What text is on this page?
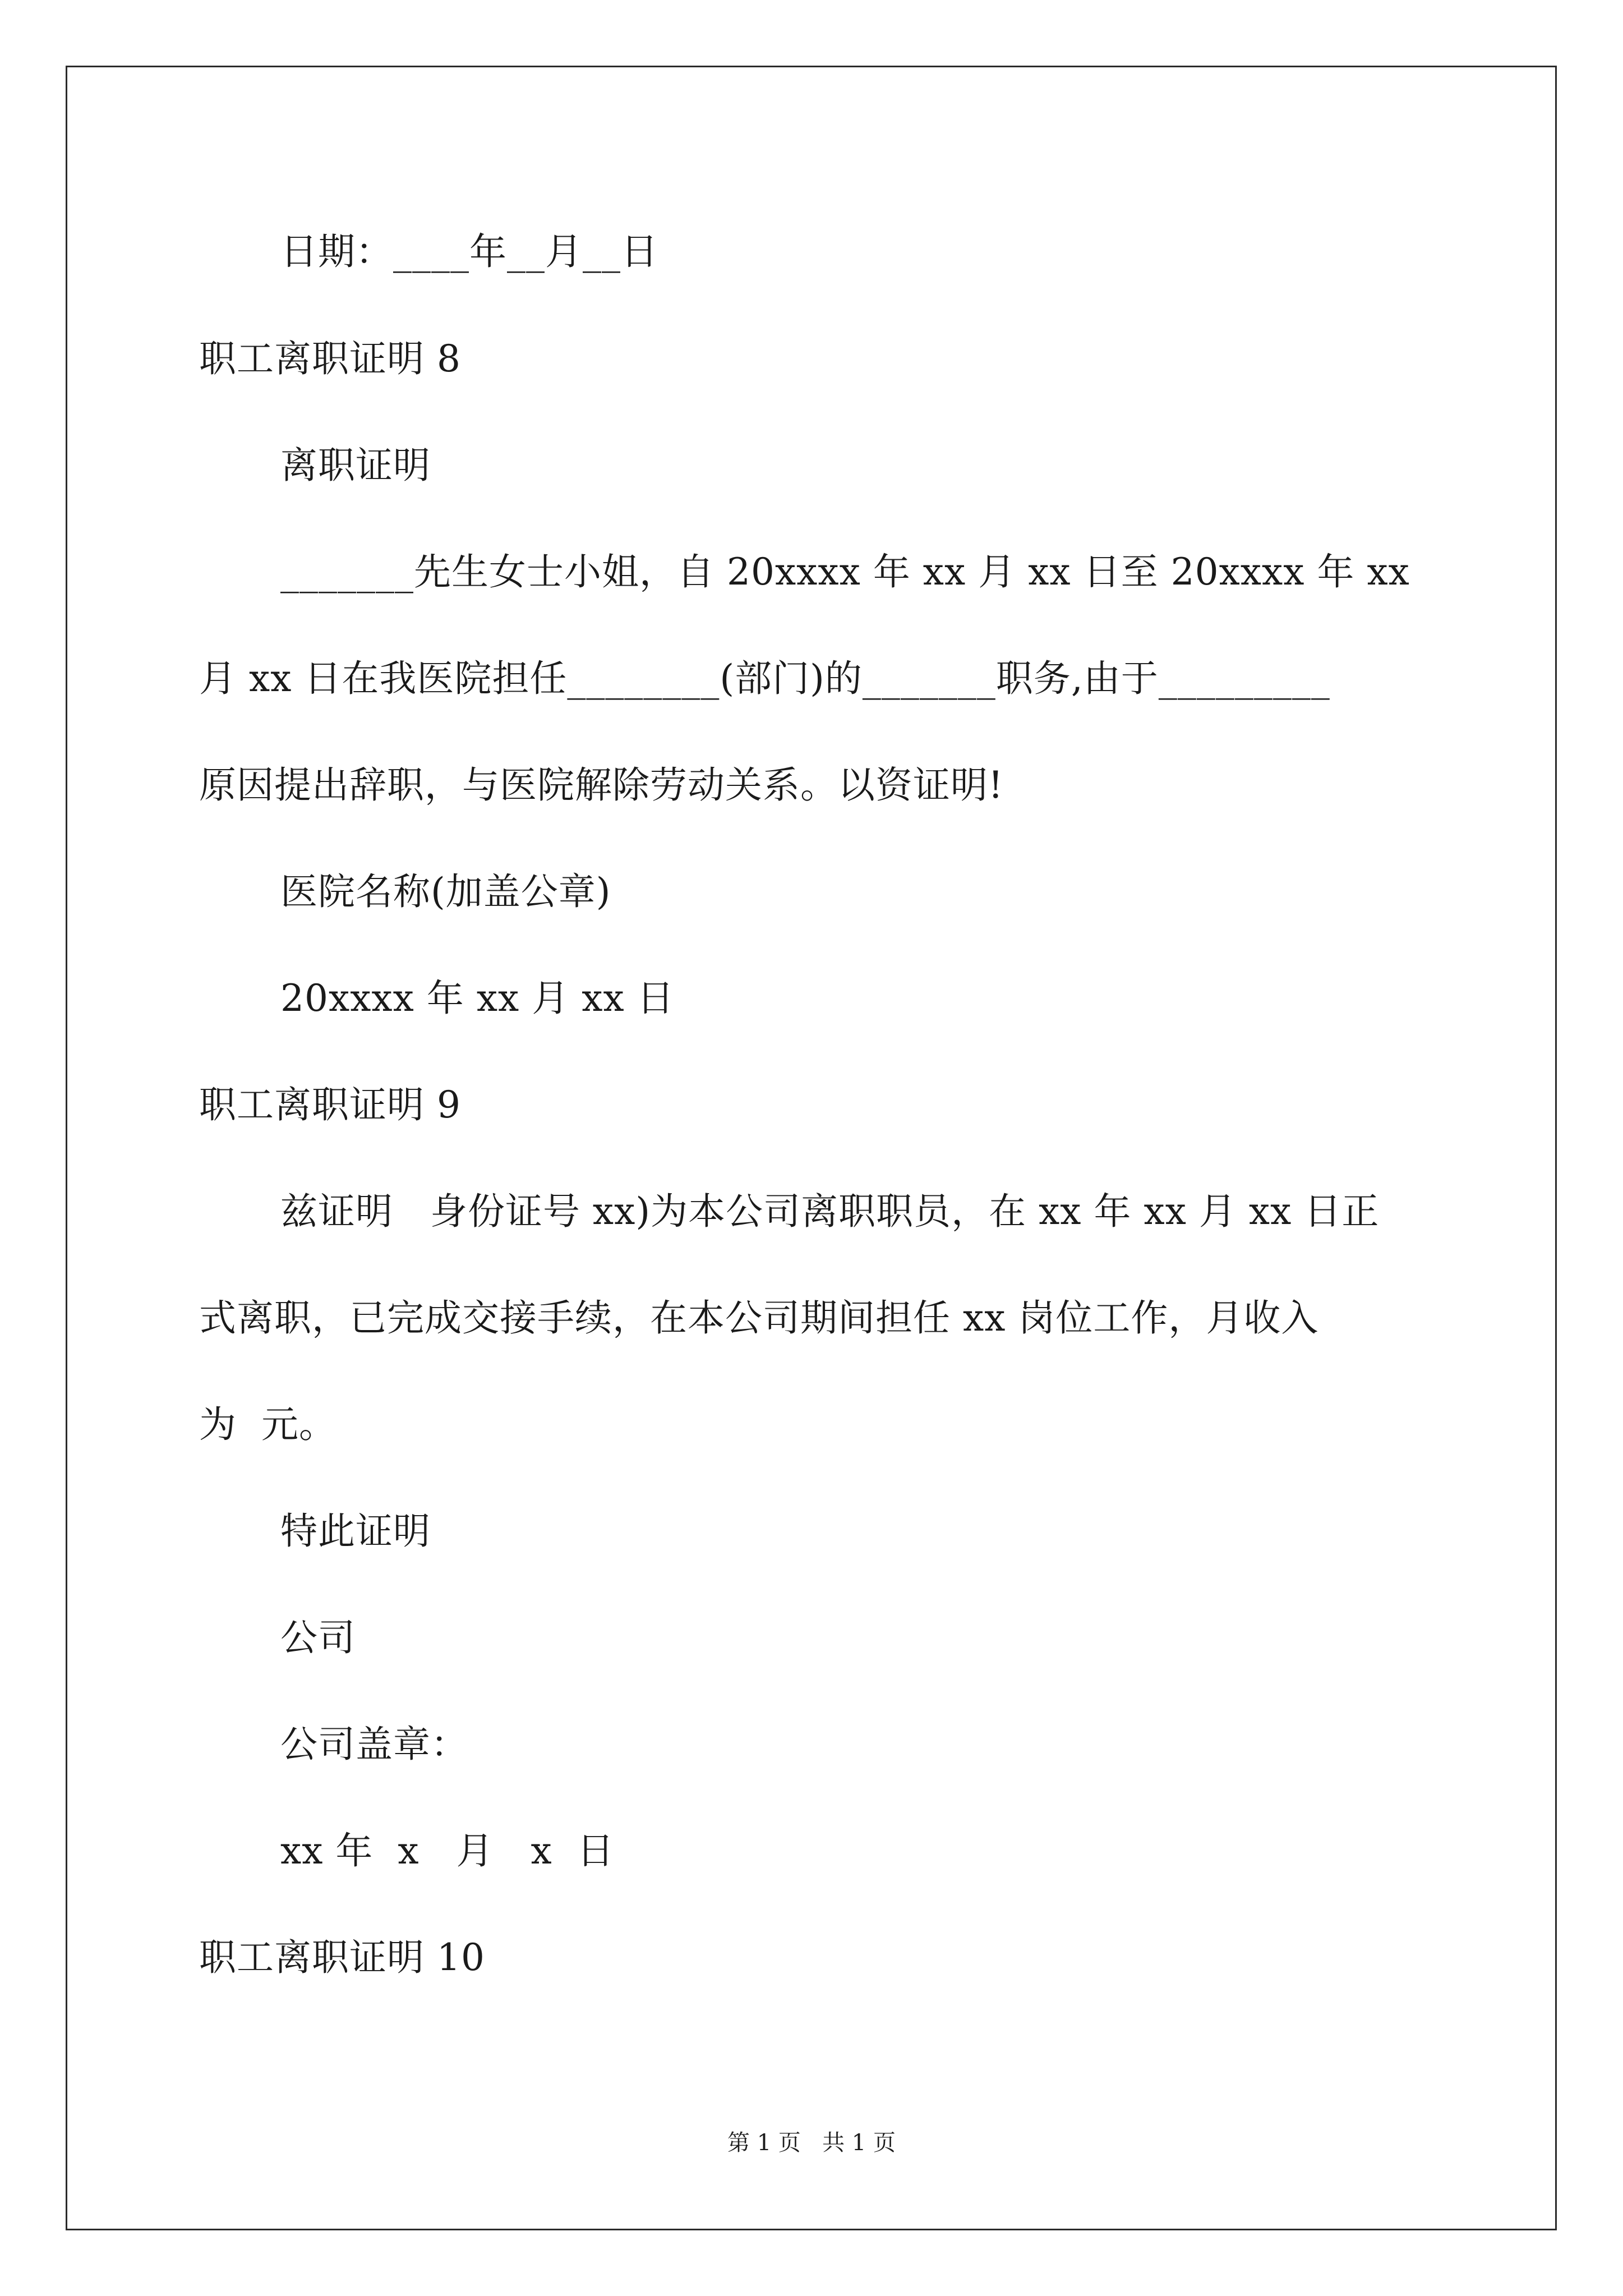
日期：____年__月__日
职工离职证明 8
离职证明
_______先生女士小姐，自 20xxxx 年 xx 月 xx 日至 20xxxx 年 xx
月 xx 日在我医院担任________(部门)的_______职务,由于_________
原因提出辞职，与医院解除劳动关系。以资证明!
医院名称(加盖公章)
20xxxx 年 xx 月 xx 日
职工离职证明 9
兹证明   身份证号 xx)为本公司离职职员，在 xx 年 xx 月 xx 日正
式离职，已完成交接手续，在本公司期间担任 xx 岗位工作，月收入
为  元。
特此证明
公司
公司盖章：
xx 年  x   月   x  日
职工离职证明 10
第 1 页   共 1 页
